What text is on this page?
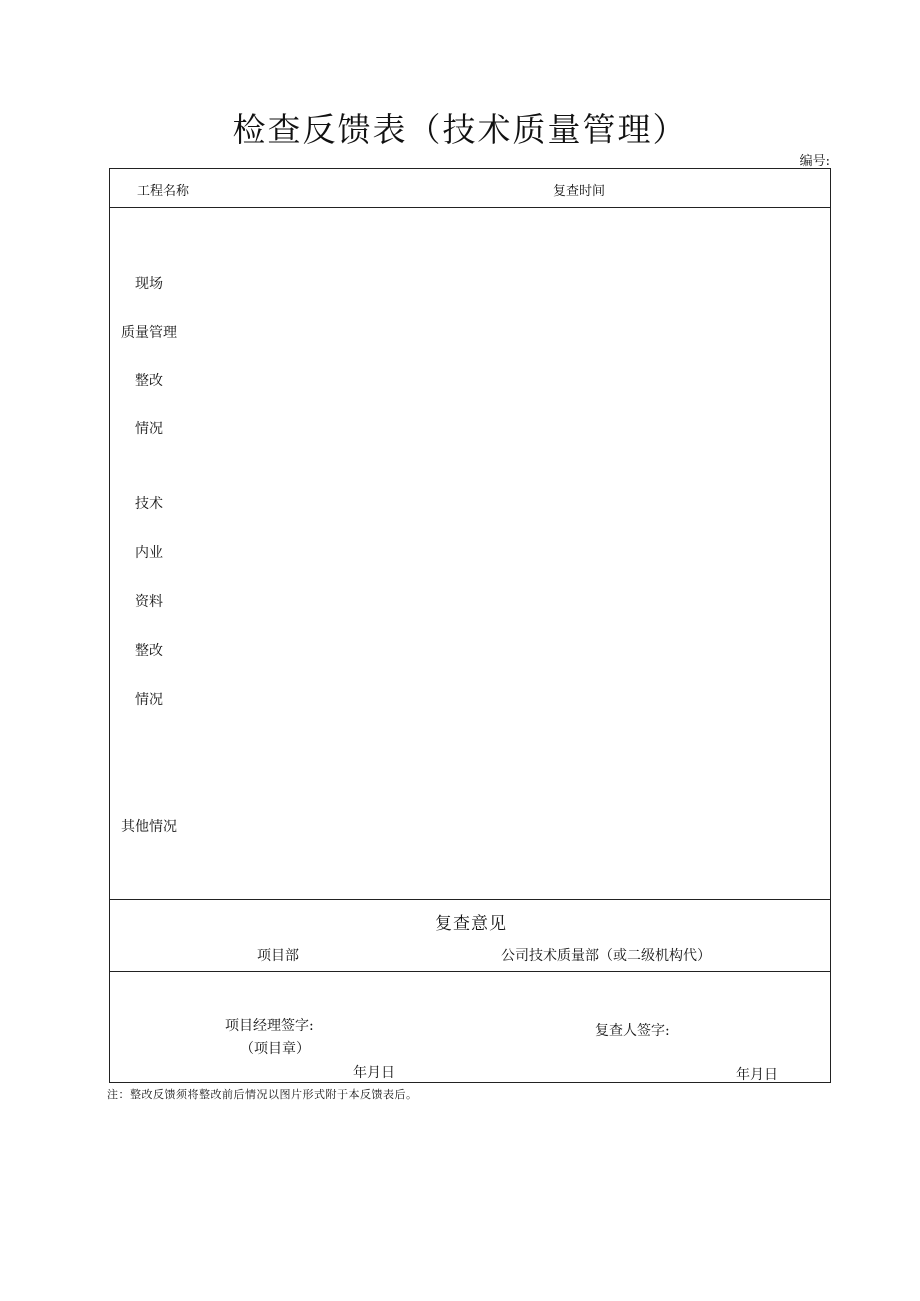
检查反馈表（技术质量管理）
编号:
工程名称	复查时间
现场
质量管理
整改
情况
技术
内业
资料
整改
情况
其他情况
复查意见
项目部	公司技术质量部（或二级机构代）
项目经理签字:
（项目章）
年月日
复查人签字:
年月日
注：整改反馈须将整改前后情况以图片形式附于本反馈表后。
